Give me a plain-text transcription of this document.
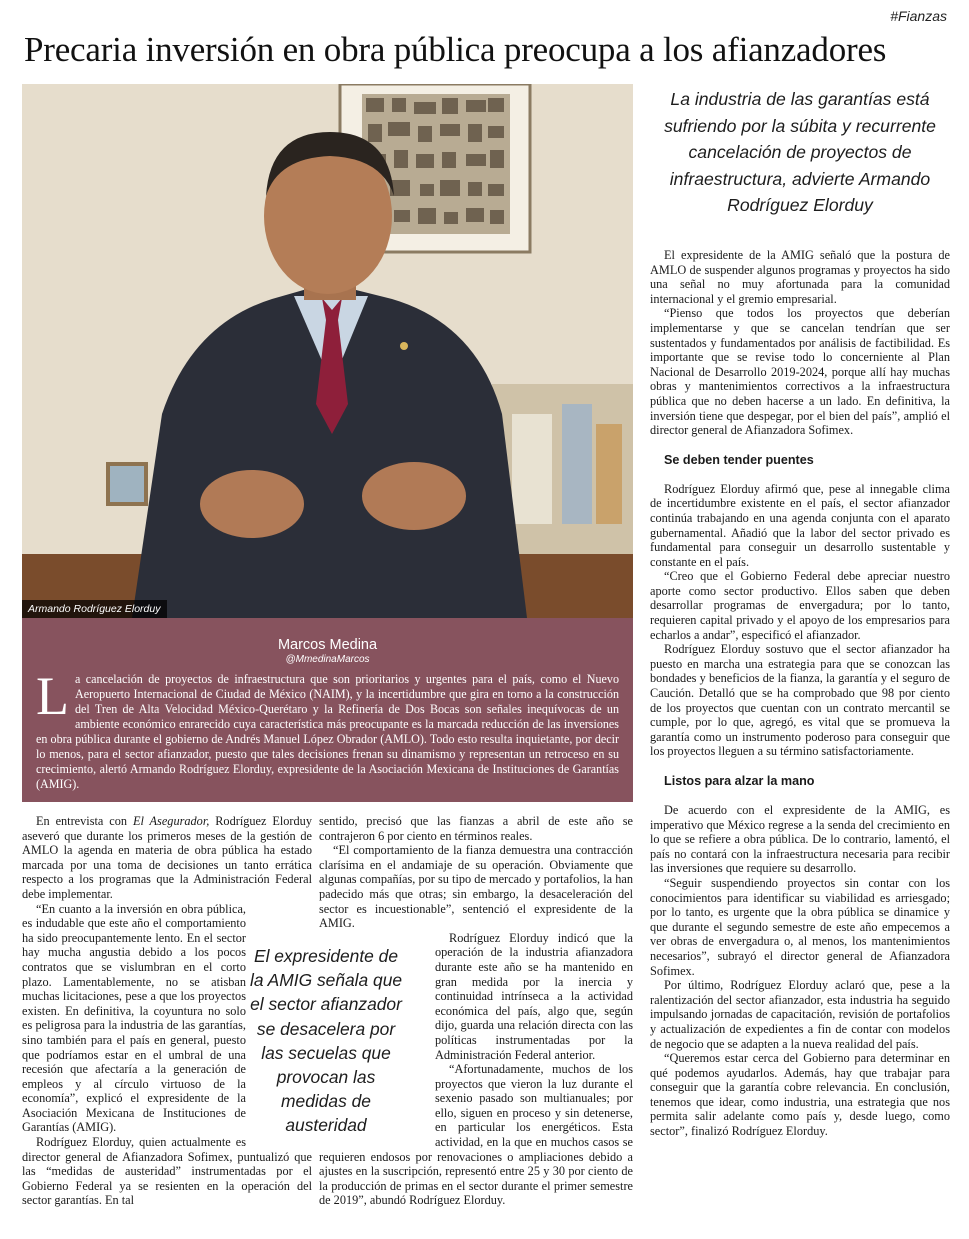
#Fianzas
Precaria inversión en obra pública preocupa a los afianzadores
Armando Rodríguez Elorduy
La industria de las garantías está sufriendo por la súbita y recurrente cancelación de proyectos de infraestructura, advierte Armando Rodríguez Elorduy
Marcos Medina
@MmedinaMarcos

La cancelación de proyectos de infraestructura que son prioritarios y urgentes para el país, como el Nuevo Aeropuerto Internacional de Ciudad de México (NAIM), y la incertidumbre que gira en torno a la construcción del Tren de Alta Velocidad México-Querétaro y la Refinería de Dos Bocas son señales inequívocas de un ambiente económico enrarecido cuya característica más preocupante es la marcada reducción de las inversiones en obra pública durante el gobierno de Andrés Manuel López Obrador (AMLO). Todo esto resulta inquietante, por decir lo menos, para el sector afianzador, puesto que tales decisiones frenan su dinamismo y representan un retroceso en su crecimiento, alertó Armando Rodríguez Elorduy, expresidente de la Asociación Mexicana de Instituciones de Garantías (AMIG).

En entrevista con El Asegurador, Rodríguez Elorduy aseveró que durante los primeros meses de la gestión de AMLO la agenda en materia de obra pública ha estado marcada por una toma de decisiones un tanto errática respecto a los programas que la Administración Federal debe implementar.

“En cuanto a la inversión en obra pública, es indudable que este año el comportamiento ha sido preocupantemente lento. En el sector hay mucha angustia debido a los pocos contratos que se vislumbran en el corto plazo. Lamentablemente, no se atisban muchas licitaciones, pese a que los proyectos existen. En definitiva, la coyuntura no solo es peligrosa para la industria de las garantías, sino también para el país en general, puesto que podríamos estar en el umbral de una recesión que afectaría a la generación de empleos y al círculo virtuoso de la economía”, explicó el expresidente de la Asociación Mexicana de Instituciones de Garantías (AMIG).

Rodríguez Elorduy, quien actualmente es director general de Afianzadora Sofimex, puntualizó que las “medidas de austeridad” instrumentadas por el Gobierno Federal ya se resienten en la operación del sector garantías. En tal

sentido, precisó que las fianzas a abril de este año se contrajeron 6 por ciento en términos reales.

“El comportamiento de la fianza demuestra una contracción clarísima en el andamiaje de su operación. Obviamente que algunas compañías, por su tipo de mercado y portafolios, la han padecido más que otras; sin embargo, la desaceleración del sector es incuestionable”, sentenció el expresidente de la AMIG.

Rodríguez Elorduy indicó que la operación de la industria afianzadora durante este año se ha mantenido en gran medida por la inercia y continuidad intrínseca a la actividad económica del país, algo que, según dijo, guarda una relación directa con las políticas instrumentadas por la Administración Federal anterior.

“Afortunadamente, muchos de los proyectos que vieron la luz durante el sexenio pasado son multianuales; por ello, siguen en proceso y sin detenerse, en particular los energéticos. Esta actividad, en la que en muchos casos se requieren endosos por renovaciones o ampliaciones debido a ajustes en la suscripción, representó entre 25 y 30 por ciento de la producción de primas en el sector durante el primer semestre de 2019”, abundó Rodríguez Elorduy.

El expresidente de la AMIG señala que el sector afianzador se desacelera por las secuelas que provocan las medidas de austeridad

El expresidente de la AMIG señaló que la postura de AMLO de suspender algunos programas y proyectos ha sido una señal no muy afortunada para la comunidad internacional y el gremio empresarial.

“Pienso que todos los proyectos que deberían implementarse y que se cancelan tendrían que ser sustentados y fundamentados por análisis de factibilidad. Es importante que se revise todo lo concerniente al Plan Nacional de Desarrollo 2019-2024, porque allí hay muchas obras y mantenimientos correctivos a la infraestructura pública que no deben hacerse a un lado. En definitiva, la inversión tiene que despegar, por el bien del país”, amplió el director general de Afianzadora Sofimex.

Se deben tender puentes

Rodríguez Elorduy afirmó que, pese al innegable clima de incertidumbre existente en el país, el sector afianzador continúa trabajando en una agenda conjunta con el aparato gubernamental. Añadió que la labor del sector privado es fundamental para conseguir un desarrollo sustentable y constante en el país.

“Creo que el Gobierno Federal debe apreciar nuestro aporte como sector productivo. Ellos saben que deben desarrollar programas de envergadura; por lo tanto, requieren capital privado y el apoyo de los empresarios para echarlos a andar”, especificó el afianzador.

Rodríguez Elorduy sostuvo que el sector afianzador ha puesto en marcha una estrategia para que se conozcan las bondades y beneficios de la fianza, la garantía y el seguro de Caución. Detalló que se ha comprobado que 98 por ciento de los proyectos que cuentan con un contrato mercantil se cumple, por lo que, agregó, es vital que se promueva la garantía como un instrumento poderoso para conseguir que los proyectos lleguen a su término satisfactoriamente.

Listos para alzar la mano

De acuerdo con el expresidente de la AMIG, es imperativo que México regrese a la senda del crecimiento en lo que se refiere a obra pública. De lo contrario, lamentó, el país no contará con la infraestructura necesaria para recibir las inversiones que requiere su desarrollo.

“Seguir suspendiendo proyectos sin contar con los conocimientos para identificar su viabilidad es arriesgado; por lo tanto, es urgente que la obra pública se dinamice y que durante el segundo semestre de este año empecemos a ver obras de envergadura o, al menos, los mantenimientos necesarios”, subrayó el director general de Afianzadora Sofimex.

Por último, Rodríguez Elorduy aclaró que, pese a la ralentización del sector afianzador, esta industria ha seguido impulsando jornadas de capacitación, revisión de portafolios y actualización de expedientes a fin de contar con modelos de negocio que se adapten a la nueva realidad del país.

“Queremos estar cerca del Gobierno para determinar en qué podemos ayudarlos. Además, hay que trabajar para conseguir que la garantía cobre relevancia. En conclusión, tenemos que idear, como industria, una estrategia que nos permita salir adelante como país y, desde luego, como sector”, finalizó Rodríguez Elorduy.
